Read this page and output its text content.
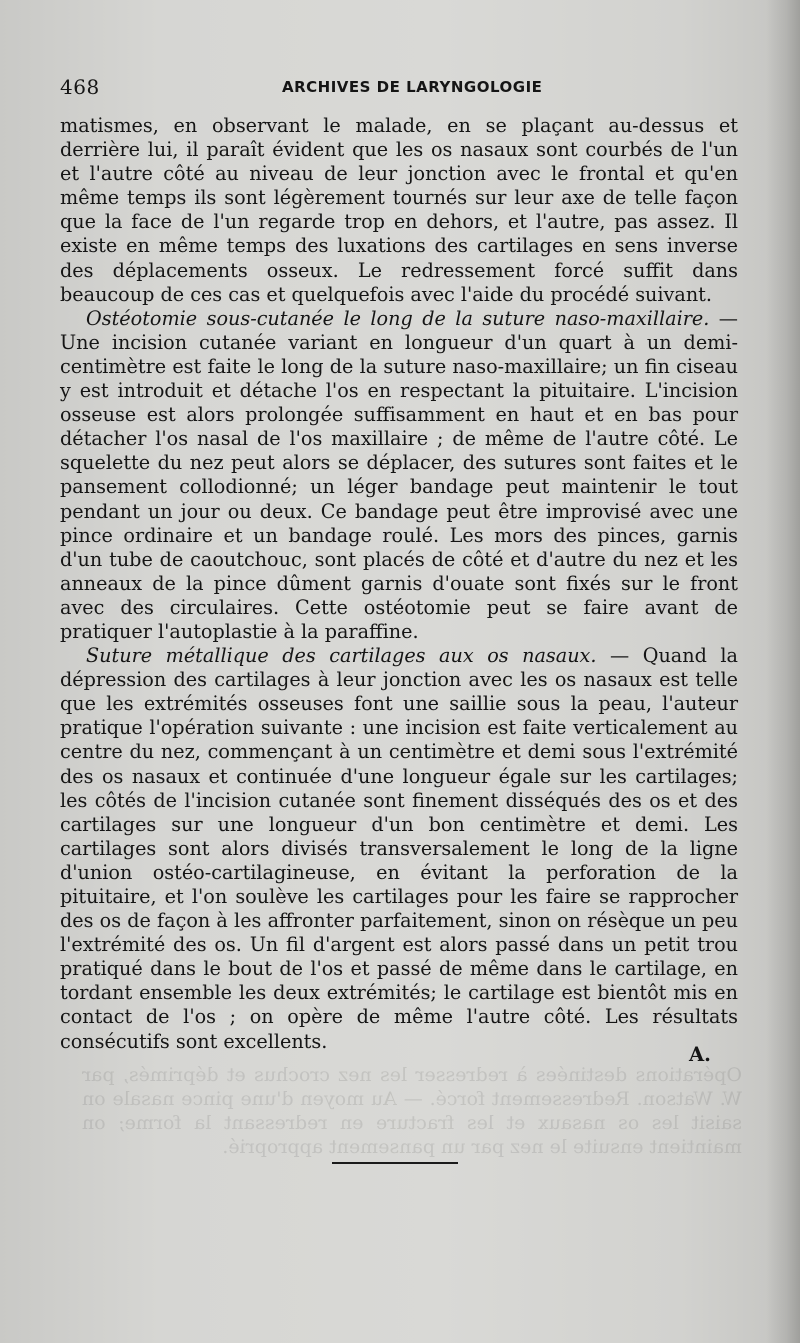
Opérations destinées à redresser les nez crochus et déprimés, par W. Watson. Redressement forcé. — Au moyen d'une pince nasale on saisit les os nasaux et les fracture en redressant la forme; on maintient ensuite le nez par un pansement approprié.
468	ARCHIVES DE LARYNGOLOGIE

matismes, en observant le malade, en se plaçant au-dessus et derrière lui, il paraît évident que les os nasaux sont courbés de l'un et l'autre côté au niveau de leur jonction avec le frontal et qu'en même temps ils sont légèrement tournés sur leur axe de telle façon que la face de l'un regarde trop en dehors, et l'autre, pas assez. Il existe en même temps des luxations des cartilages en sens inverse des déplacements osseux. Le redressement forcé suffit dans beaucoup de ces cas et quelquefois avec l'aide du procédé suivant.

Ostéotomie sous-cutanée le long de la suture naso-maxillaire. — Une incision cutanée variant en longueur d'un quart à un demi-centimètre est faite le long de la suture naso-maxillaire; un fin ciseau y est introduit et détache l'os en respectant la pituitaire. L'incision osseuse est alors prolongée suffisamment en haut et en bas pour détacher l'os nasal de l'os maxillaire ; de même de l'autre côté. Le squelette du nez peut alors se déplacer, des sutures sont faites et le pansement collodionné; un léger bandage peut maintenir le tout pendant un jour ou deux. Ce bandage peut être improvisé avec une pince ordinaire et un bandage roulé. Les mors des pinces, garnis d'un tube de caoutchouc, sont placés de côté et d'autre du nez et les anneaux de la pince dûment garnis d'ouate sont fixés sur le front avec des circulaires. Cette ostéotomie peut se faire avant de pratiquer l'autoplastie à la paraffine.

Suture métallique des cartilages aux os nasaux. — Quand la dépression des cartilages à leur jonction avec les os nasaux est telle que les extrémités osseuses font une saillie sous la peau, l'auteur pratique l'opération suivante : une incision est faite verticalement au centre du nez, commençant à un centimètre et demi sous l'extrémité des os nasaux et continuée d'une longueur égale sur les cartilages; les côtés de l'incision cutanée sont finement disséqués des os et des cartilages sur une longueur d'un bon centimètre et demi. Les cartilages sont alors divisés transversalement le long de la ligne d'union ostéo-cartilagineuse, en évitant la perforation de la pituitaire, et l'on soulève les cartilages pour les faire se rapprocher des os de façon à les affronter parfaitement, sinon on résèque un peu l'extrémité des os. Un fil d'argent est alors passé dans un petit trou pratiqué dans le bout de l'os et passé de même dans le cartilage, en tordant ensemble les deux extrémités; le cartilage est bientôt mis en contact de l'os ; on opère de même l'autre côté. Les résultats consécutifs sont excellents.

A.
